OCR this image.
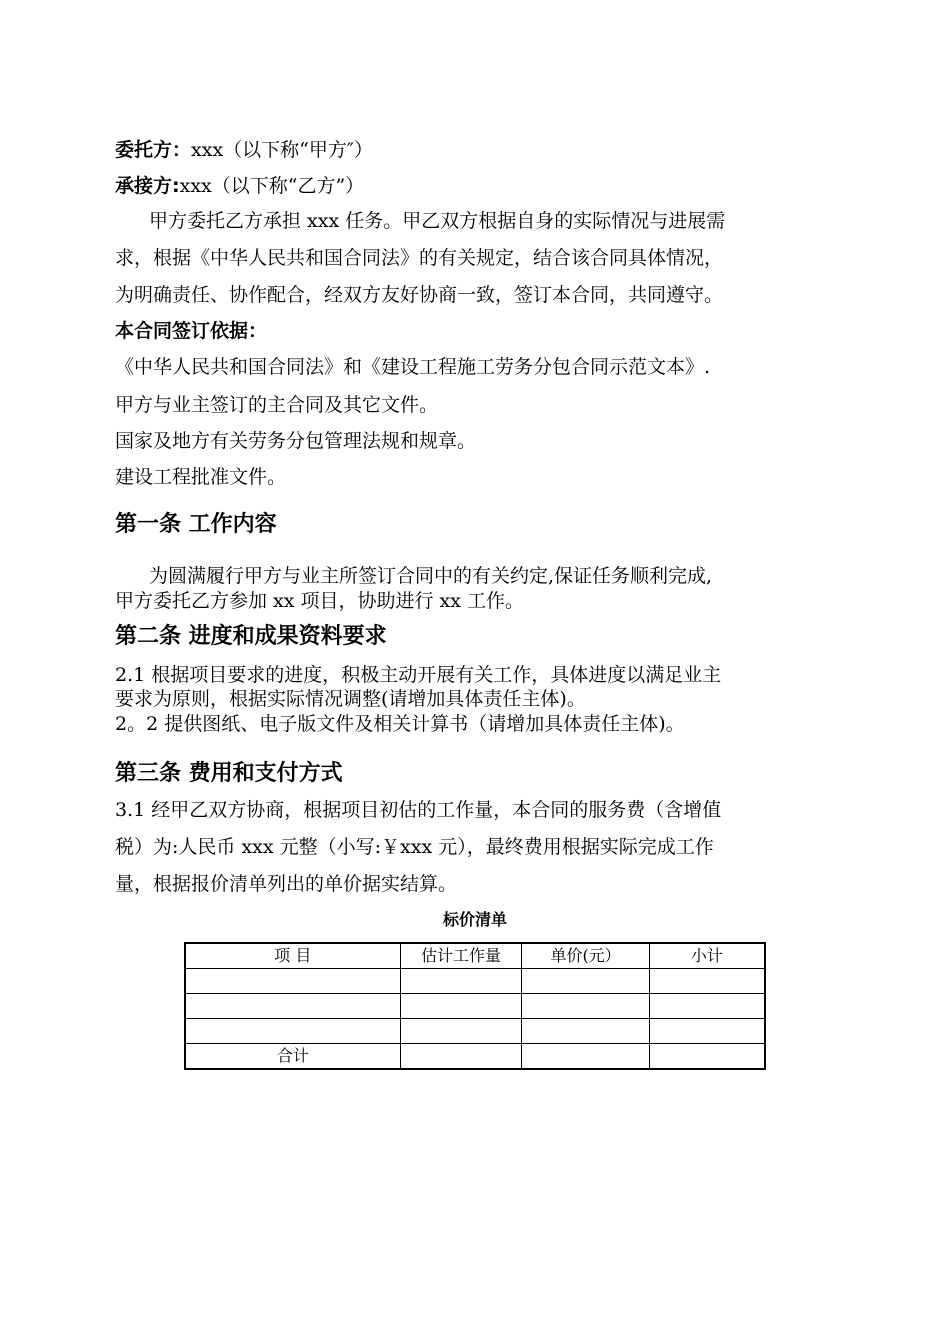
委托方：xxx（以下称“甲方″）
承接方:xxx（以下称“乙方”）
甲方委托乙方承担 xxx 任务。甲乙双方根据自身的实际情况与进展需
求，根据《中华人民共和国合同法》的有关规定，结合该合同具体情况，
为明确责任、协作配合，经双方友好协商一致，签订本合同，共同遵守。
本合同签订依据：
《中华人民共和国合同法》和《建设工程施工劳务分包合同示范文本》.
甲方与业主签订的主合同及其它文件。
国家及地方有关劳务分包管理法规和规章。
建设工程批准文件。
第一条 工作内容
为圆满履行甲方与业主所签订合同中的有关约定,保证任务顺利完成,
甲方委托乙方参加 xx 项目，协助进行 xx 工作。
第二条 进度和成果资料要求
2.1 根据项目要求的进度，积极主动开展有关工作，具体进度以满足业主
要求为原则，根据实际情况调整(请增加具体责任主体)。
2。2 提供图纸、电子版文件及相关计算书（请增加具体责任主体)。
第三条 费用和支付方式
3.1 经甲乙双方协商，根据项目初估的工作量，本合同的服务费（含增值
税）为:人民币 xxx 元整（小写:￥xxx 元），最终费用根据实际完成工作
量，根据报价清单列出的单价据实结算。
标价清单
项 目	估计工作量	单价(元）	小计

合计			
